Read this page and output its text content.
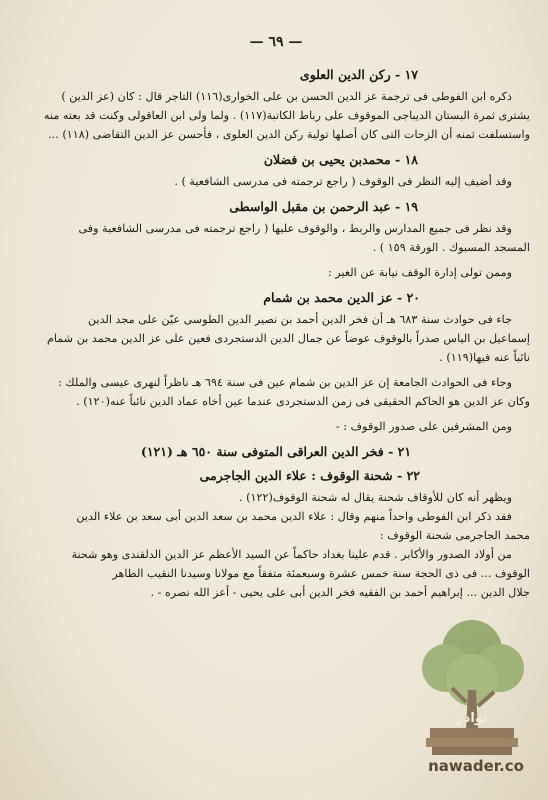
— ٦٩ —
١٧ - ركن الدين العلوى

ذكره ابن الفوطى فى ترجمة عز الدين الحسن بن على الخوارى(١١٦) التاجر قال : كان (عز الدين )

يشترى ثمرة البستان الديباجى الموقوف على رباط الكاتبة(١١٧) . ولما ولى ابن العاقولى وكنت قد بعته منه

واستسلفت ثمنه أن الزحات التى كان أصلها تولية ركن الدين العلوى ، فأحسن عز الدين التقاضى (١١٨) ...

١٨ - محمدبن يحيى بن فضلان

وقد أضيف إليه النظر فى الوقوف ( راجع ترجمته فى مدرسى الشافعية ) .

١٩ - عبد الرحمن بن مقبل الواسطى

وقد نظر فى جميع المدارس والربط ، والوقوف عليها ( راجع ترجمته فى مدرسى الشافعية وفى

المسجد المسبوك . الورقة ١٥٩ ) .

وممن تولى إدارة الوقف نيابة عن الغير :

٢٠ - عز الدين محمد بن شمام

جاء فى حوادث سنة ٦٨٣ هـ أن فخر الدين أحمد بن نصير الدين الطوسى عيّن على مجد الدين

إسماعيل بن الياس صدراً بالوقوف عوضاً عن جمال الدين الدستجردى فعين على عز الدين محمد بن شمام

نائباً عنه فيها(١١٩) .

وجاء فى الحوادث الجامعة إن عز الدين بن شمام عين فى سنة ٦٩٤ هـ ناظراً لنهرى عيسى والملك :

وكان عز الدين هو الحاكم الحقيقى فى زمن الدستجردى عندما عين أخاه عماد الدين نائباً عنه(١٢٠) .

ومن المشرفين على صدور الوقوف : -

٢١ - فخر الدين العراقى المتوفى سنة ٦٥٠ هـ (١٢١)
٢٢ - شحنة الوقوف : علاء الدين الجاجرمى

ويظهر أنه كان للأوقاف شحنة يقال له شحنة الوقوف(١٢٢) .

فقد ذكر ابن الفوطى واحداً منهم وقال : علاء الدين محمد بن سعد الدين أبى سعد بن علاء الدين

محمد الجاجرمى شحنة الوقوف :

من أولاد الصدور والأكابر . قدم علينا بغداد حاكماً عن السيد الأعظم عز الدين الدلقندى وهو شحنة

الوقوف ... فى ذى الحجة سنة خمس عشرة وسبعمئة متفقاً مع مولانا وسيدنا النقيب الطاهر

جلال الدين ... إبراهيم أحمد بن الفقيه فخر الدين أبى على يحيى - أعز الله نصره - .

نوادر
nawader.co
